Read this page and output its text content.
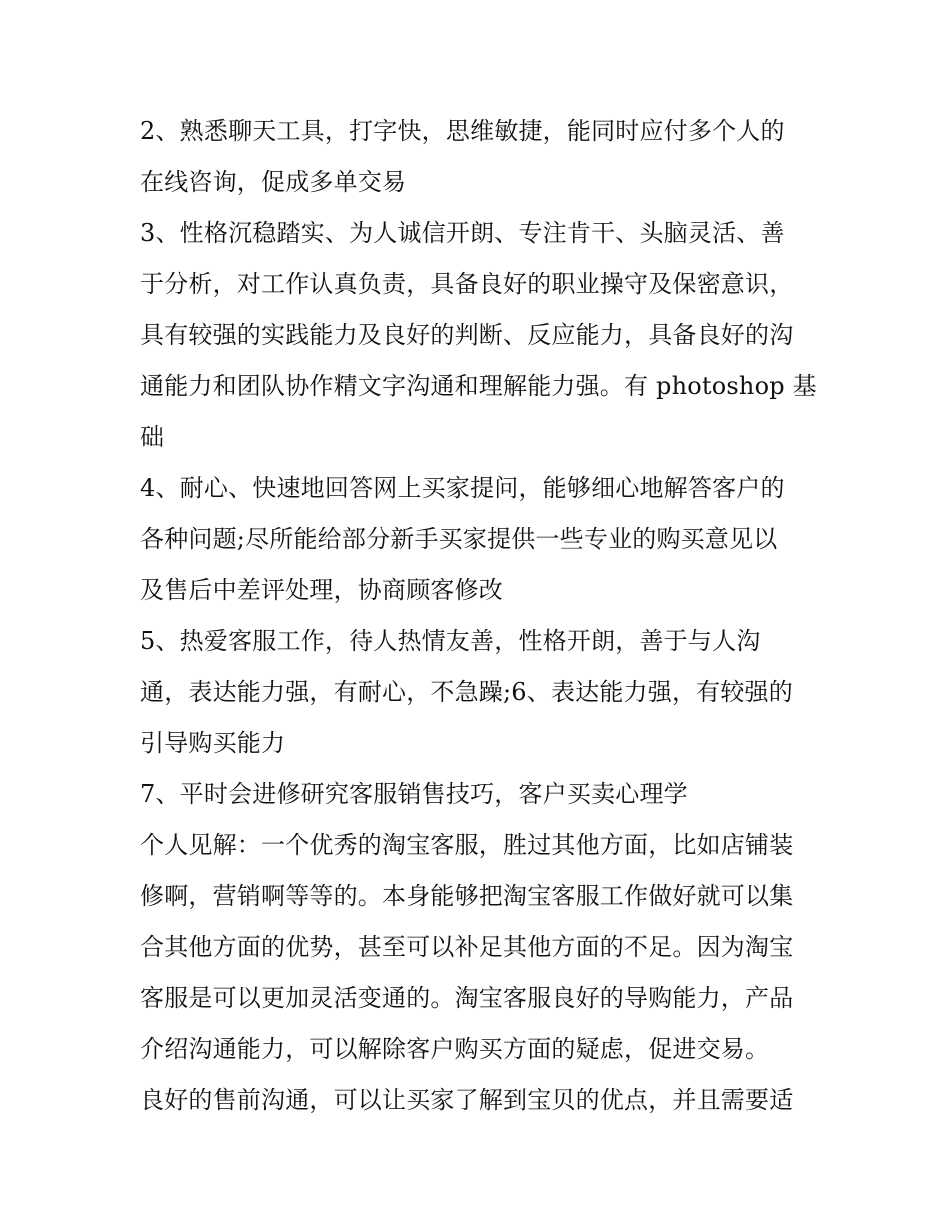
2、熟悉聊天工具，打字快，思维敏捷，能同时应付多个人的
在线咨询，促成多单交易
3、性格沉稳踏实、为人诚信开朗、专注肯干、头脑灵活、善
于分析，对工作认真负责，具备良好的职业操守及保密意识，
具有较强的实践能力及良好的判断、反应能力，具备良好的沟
通能力和团队协作精文字沟通和理解能力强。有 photoshop 基
础
4、耐心、快速地回答网上买家提问，能够细心地解答客户的
各种问题;尽所能给部分新手买家提供一些专业的购买意见以
及售后中差评处理，协商顾客修改
5、热爱客服工作，待人热情友善，性格开朗，善于与人沟
通，表达能力强，有耐心，不急躁;6、表达能力强，有较强的
引导购买能力
7、平时会进修研究客服销售技巧，客户买卖心理学
个人见解：一个优秀的淘宝客服，胜过其他方面，比如店铺装
修啊，营销啊等等的。本身能够把淘宝客服工作做好就可以集
合其他方面的优势，甚至可以补足其他方面的不足。因为淘宝
客服是可以更加灵活变通的。淘宝客服良好的导购能力，产品
介绍沟通能力，可以解除客户购买方面的疑虑，促进交易。
良好的售前沟通，可以让买家了解到宝贝的优点，并且需要适
